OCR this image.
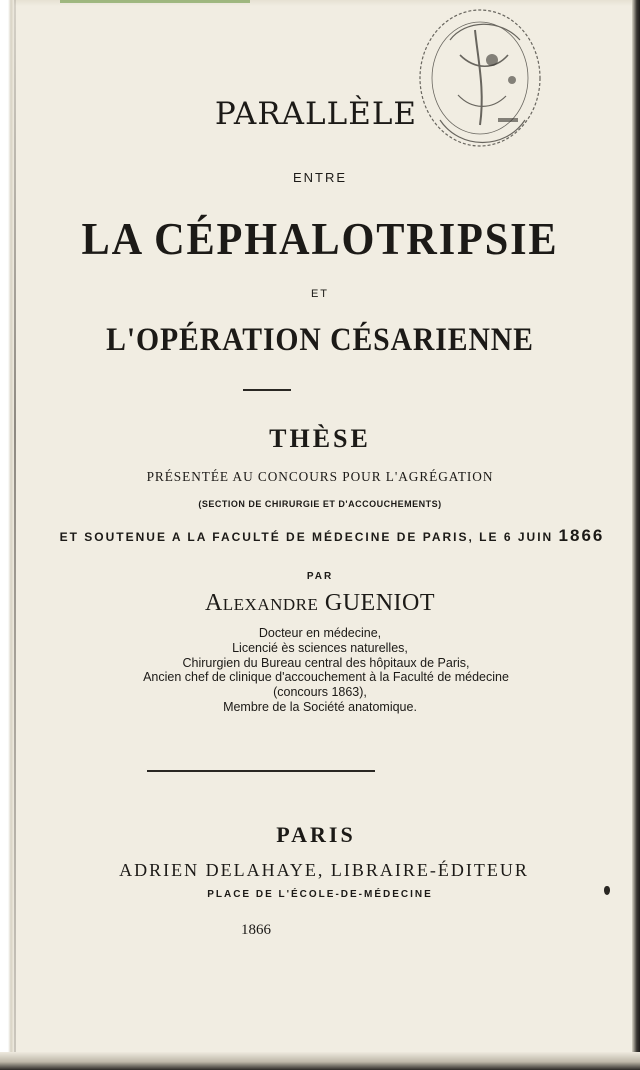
PARALLÈLE

ENTRE

LA CÉPHALOTRIPSIE

ET

L'OPÉRATION CÉSARIENNE

THÈSE

PRÉSENTÉE AU CONCOURS POUR L'AGRÉGATION

(SECTION DE CHIRURGIE ET D'ACCOUCHEMENTS)

ET SOUTENUE A LA FACULTÉ DE MÉDECINE DE PARIS, LE 6 JUIN 1866

PAR

Alexandre GUENIOT

Docteur en médecine,

Licencié ès sciences naturelles,

Chirurgien du Bureau central des hôpitaux de Paris,

Ancien chef de clinique d'accouchement à la Faculté de médecine

(concours 1863),

Membre de la Société anatomique.

PARIS

ADRIEN DELAHAYE, LIBRAIRE-ÉDITEUR

PLACE DE L'ÉCOLE-DE-MÉDECINE

1866
